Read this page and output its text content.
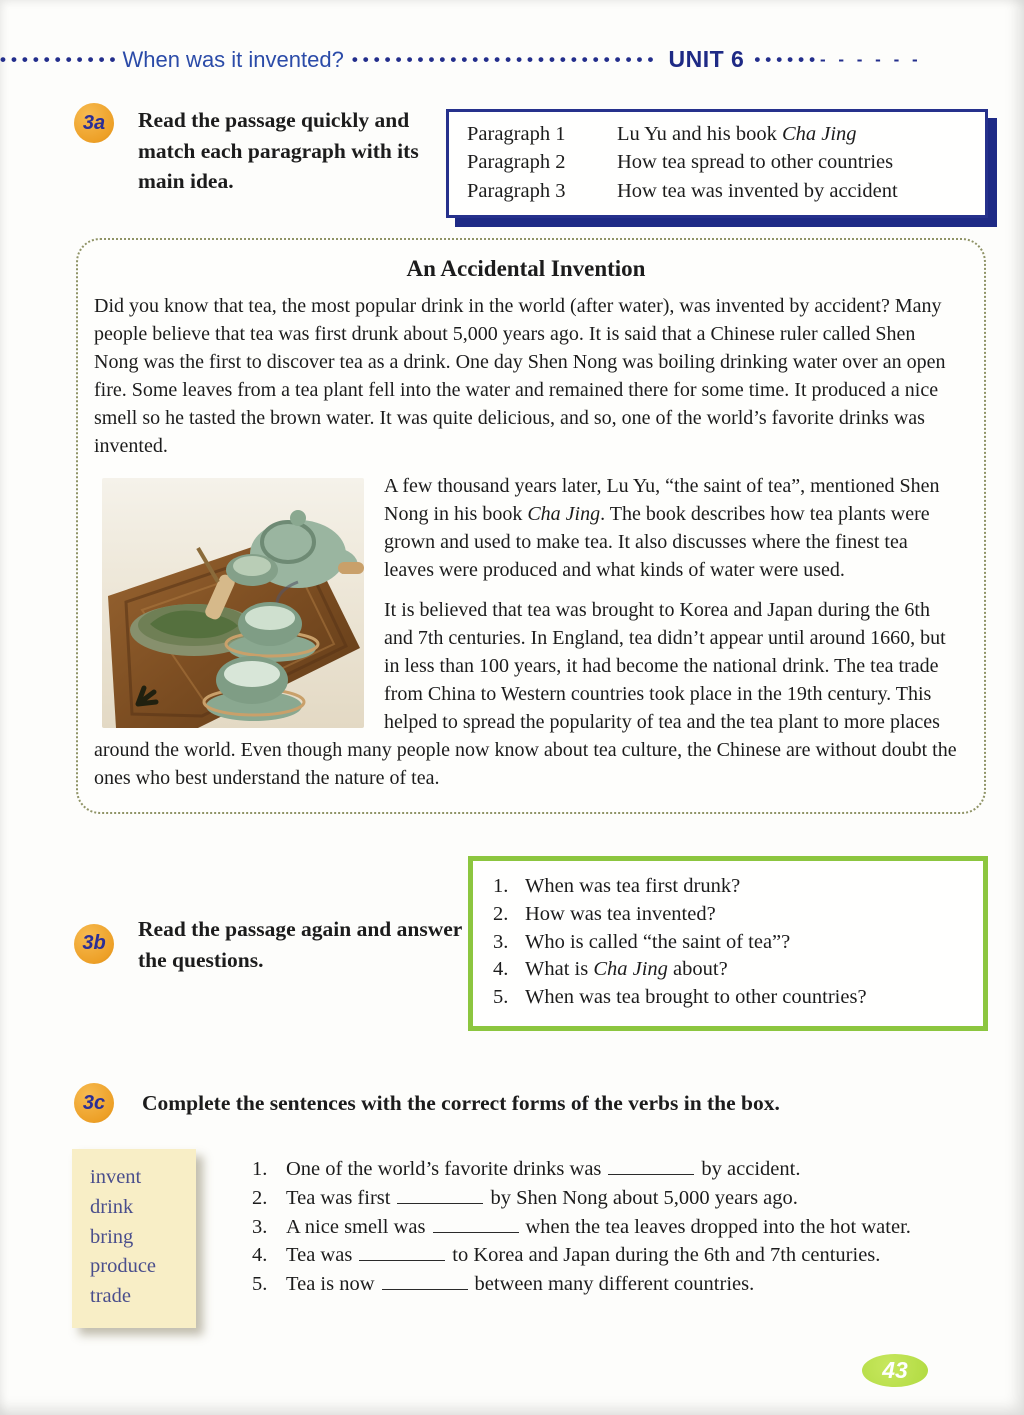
••••••••••• When was it invented? •••••••••••••••••••••••••••• UNIT 6 •••••• - - - - - -
3a	Read the passage quickly and match each paragraph with its main idea.
Paragraph 1	Lu Yu and his book Cha Jing
Paragraph 2	How tea spread to other countries
Paragraph 3	How tea was invented by accident
An Accidental Invention

Did you know that tea, the most popular drink in the world (after water), was invented by accident? Many people believe that tea was first drunk about 5,000 years ago. It is said that a Chinese ruler called Shen Nong was the first to discover tea as a drink. One day Shen Nong was boiling drinking water over an open fire. Some leaves from a tea plant fell into the water and remained there for some time. It produced a nice smell so he tasted the brown water. It was quite delicious, and so, one of the world’s favorite drinks was invented.

A few thousand years later, Lu Yu, “the saint of tea”, mentioned Shen Nong in his book Cha Jing. The book describes how tea plants were grown and used to make tea. It also discusses where the finest tea leaves were produced and what kinds of water were used.

It is believed that tea was brought to Korea and Japan during the 6th and 7th centuries. In England, tea didn’t appear until around 1660, but in less than 100 years, it had become the national drink. The tea trade from China to Western countries took place in the 19th century. This helped to spread the popularity of tea and the tea plant to more places around the world. Even though many people now know about tea culture, the Chinese are without doubt the ones who best understand the nature of tea.

3b
Read the passage again and answer the questions.
1. When was tea first drunk?
2. How was tea invented?
3. Who is called “the saint of tea”?
4. What is Cha Jing about?
5. When was tea brought to other countries?
3c	Complete the sentences with the correct forms of the verbs in the box.
invent
drink
bring
produce
trade
1. One of the world’s favorite drinks was	by accident.
2. Tea was first	by Shen Nong about 5,000 years ago.
3. A nice smell was	when the tea leaves dropped into the hot water.
4. Tea was	to Korea and Japan during the 6th and 7th centuries.
5. Tea is now	between many different countries.
43
